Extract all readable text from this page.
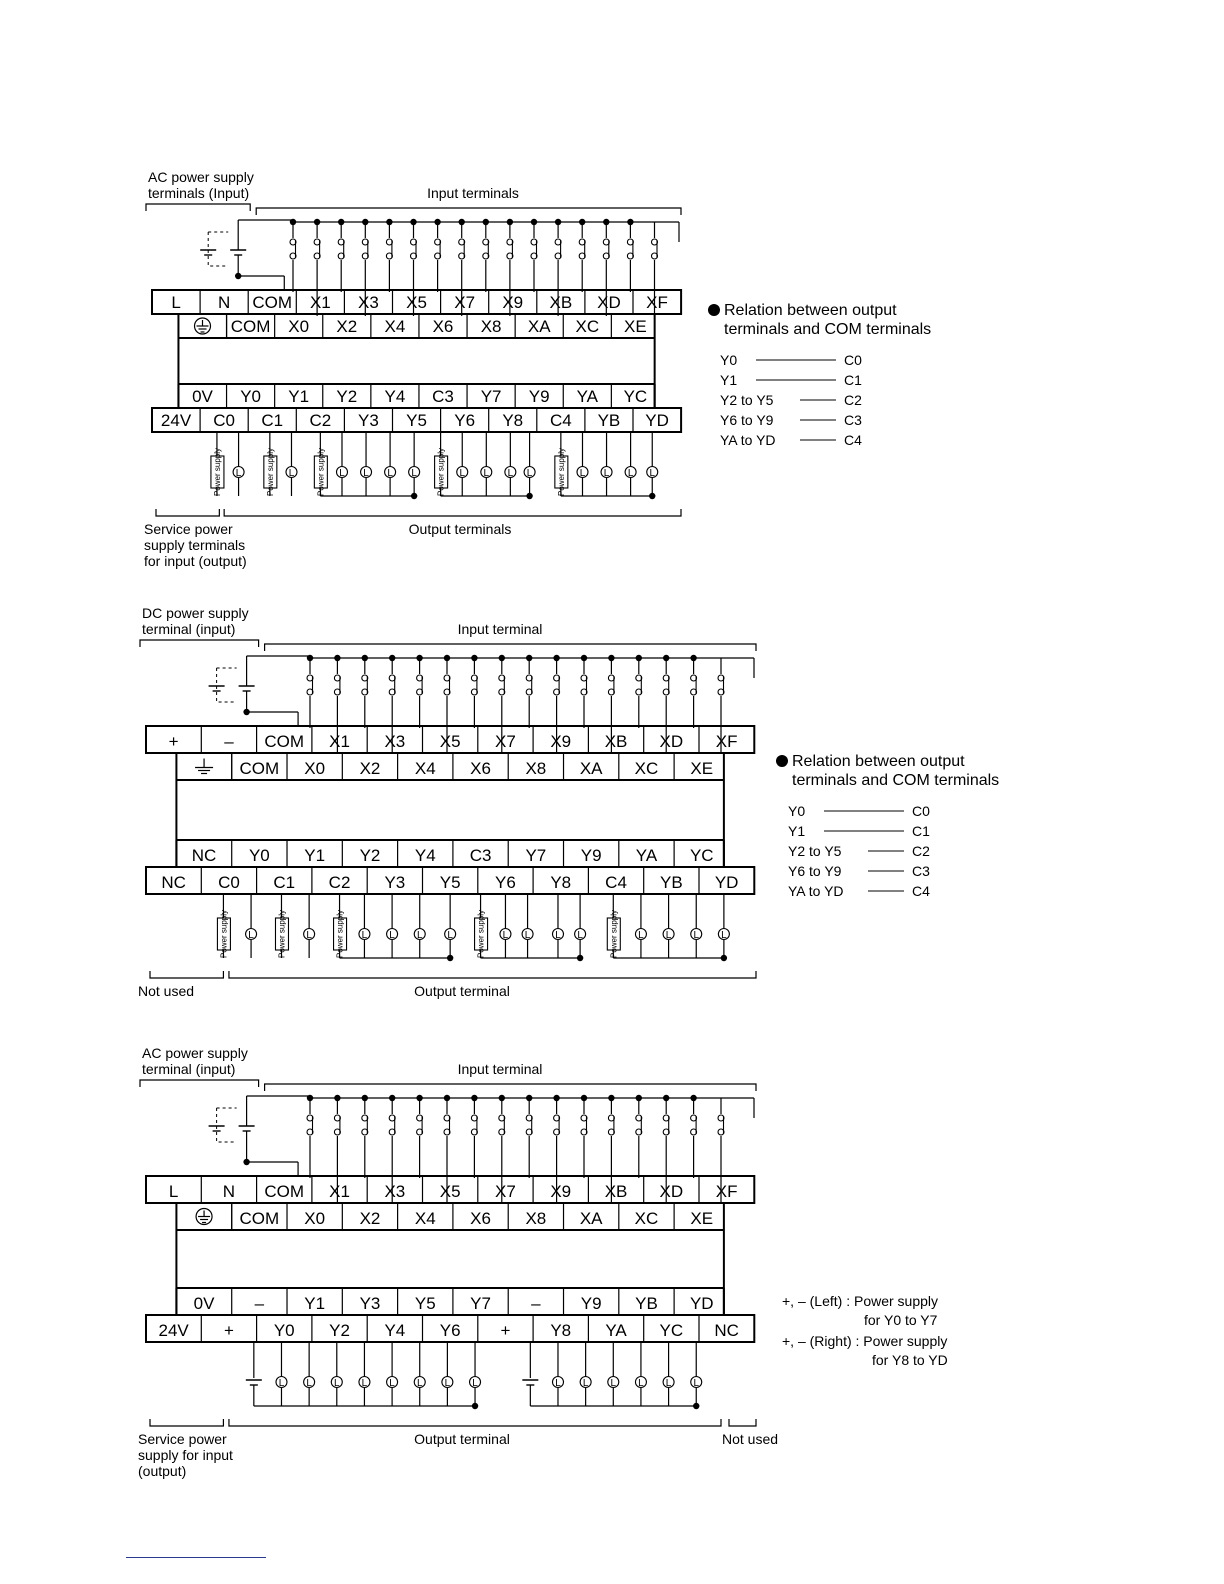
AC power supply
terminals (Input)	Input terminals
L N COM X1 X3 X5 X7 X9 XB XD XF
COM X0 X2 X4 X6 X8 XA XC XE
0V Y0 Y1 Y2 Y4 C3 Y7 Y9 YA YC
24V C0 C1 C2 Y3 Y5 Y6 Y8 C4 YB YD
Power supply L	Power supply L	Power supply L L L L Power supply L L L L	Power supply L L L L
Service power
supply terminals
for input (output)
Output terminals
Relation between output
terminals and COM terminals
Y0	C0
Y1	C1
Y2 to Y5	C2
Y6 to Y9	C3
YA to YD	C4
DC power supply
terminal (input)	Input terminal
+	– COM X1 X3 X5 X7 X9 XB XD XF
COM X0 X2 X4 X6 X8 XA XC XE
NC Y0 Y1 Y2 Y4 C3 Y7 Y9 YA YC
NC C0 C1 C2 Y3 Y5 Y6 Y8 C4 YB YD
Power supply L	Power supply L	Power supply L L L L	Power supply L L L L	Power supply L L L L
Not used	Output terminal
Relation between output
terminals and COM terminals
Y0	C0
Y1	C1
Y2 to Y5	C2
Y6 to Y9	C3
YA to YD	C4
AC power supply
terminal (input)	Input terminal
L	N COM X1 X3 X5 X7 X9 XB XD XF
COM X0 X2 X4 X6 X8 XA XC XE
0V – Y1 Y3 Y5 Y7 – Y9 YB YD
24V + Y0 Y2 Y4 Y6 + Y8 YA YC NC
L L L L L L L L	L L L L L L
Service power
supply for input
(output)
Output terminal	Not used
+, – (Left) : Power supply
for Y0 to Y7
+, – (Right) : Power supply
for Y8 to YD
